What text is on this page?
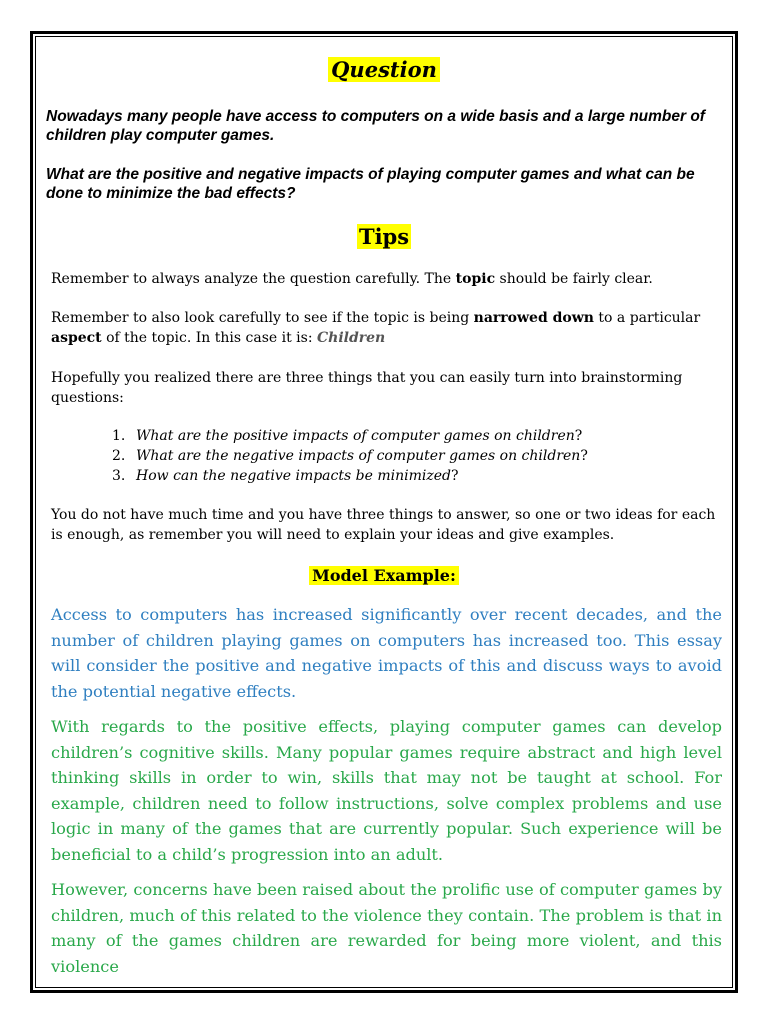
Question

Nowadays many people have access to computers on a wide basis and a large number of children play computer games.

What are the positive and negative impacts of playing computer games and what can be done to minimize the bad effects?

Tips

Remember to always analyze the question carefully. The topic should be fairly clear.

Remember to also look carefully to see if the topic is being narrowed down to a particular aspect of the topic. In this case it is: Children

Hopefully you realized there are three things that you can easily turn into brainstorming questions:

1. What are the positive impacts of computer games on children?
2. What are the negative impacts of computer games on children?
3. How can the negative impacts be minimized?

You do not have much time and you have three things to answer, so one or two ideas for each is enough, as remember you will need to explain your ideas and give examples.

Model Example:

Access to computers has increased significantly over recent decades, and the number of children playing games on computers has increased too. This essay will consider the positive and negative impacts of this and discuss ways to avoid the potential negative effects.

With regards to the positive effects, playing computer games can develop children’s cognitive skills. Many popular games require abstract and high level thinking skills in order to win, skills that may not be taught at school. For example, children need to follow instructions, solve complex problems and use logic in many of the games that are currently popular. Such experience will be beneficial to a child’s progression into an adult.

However, concerns have been raised about the prolific use of computer games by children, much of this related to the violence they contain. The problem is that in many of the games children are rewarded for being more violent, and this violence
